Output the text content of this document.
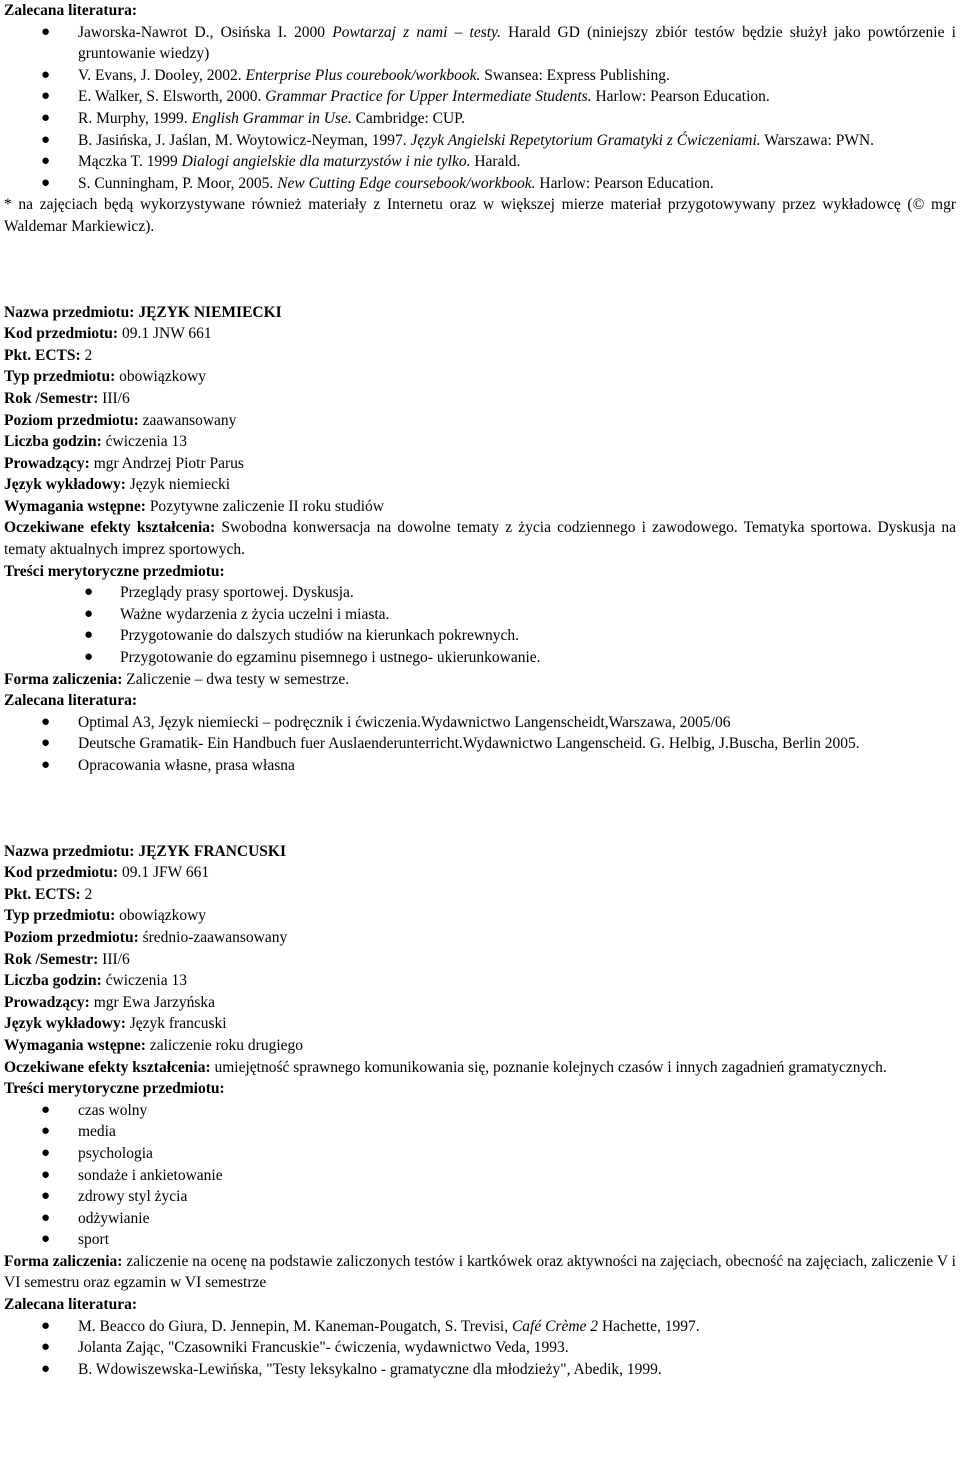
Zalecana literatura:

● Jaworska-Nawrot D., Osińska I. 2000 Powtarzaj z nami – testy. Harald GD (niniejszy zbiór testów będzie służył jako powtórzenie i gruntowanie wiedzy)
● V. Evans, J. Dooley, 2002. Enterprise Plus courebook/workbook. Swansea: Express Publishing.
● E. Walker, S. Elsworth, 2000. Grammar Practice for Upper Intermediate Students. Harlow: Pearson Education.
● R. Murphy, 1999. English Grammar in Use. Cambridge: CUP.
● B. Jasińska, J. Jaślan, M. Woytowicz-Neyman, 1997. Język Angielski Repetytorium Gramatyki z Ćwiczeniami. Warszawa: PWN.
● Mączka T. 1999 Dialogi angielskie dla maturzystów i nie tylko. Harald.
● S. Cunningham, P. Moor, 2005. New Cutting Edge coursebook/workbook. Harlow: Pearson Education.

* na zajęciach będą wykorzystywane również materiały z Internetu oraz w większej mierze materiał przygotowywany przez wykładowcę (© mgr Waldemar Markiewicz).

Nazwa przedmiotu: JĘZYK NIEMIECKI

Kod przedmiotu: 09.1 JNW 661

Pkt. ECTS: 2

Typ przedmiotu: obowiązkowy

Rok /Semestr: III/6

Poziom przedmiotu: zaawansowany

Liczba godzin: ćwiczenia 13

Prowadzący: mgr Andrzej Piotr Parus

Język wykładowy: Język niemiecki

Wymagania wstępne: Pozytywne zaliczenie II roku studiów

Oczekiwane efekty kształcenia: Swobodna konwersacja na dowolne tematy z życia codziennego i zawodowego. Tematyka sportowa. Dyskusja na tematy aktualnych imprez sportowych.

Treści merytoryczne przedmiotu:

● Przeglądy prasy sportowej. Dyskusja.
● Ważne wydarzenia z życia uczelni i miasta.
● Przygotowanie do dalszych studiów na kierunkach pokrewnych.
● Przygotowanie do egzaminu pisemnego i ustnego- ukierunkowanie.

Forma zaliczenia: Zaliczenie – dwa testy w semestrze.

Zalecana literatura:

● Optimal A3, Język niemiecki – podręcznik i ćwiczenia.Wydawnictwo Langenscheidt,Warszawa, 2005/06
● Deutsche Gramatik- Ein Handbuch fuer Auslaenderunterricht.Wydawnictwo Langenscheid. G. Helbig, J.Buscha, Berlin 2005.
● Opracowania własne, prasa własna

Nazwa przedmiotu: JĘZYK FRANCUSKI

Kod przedmiotu: 09.1 JFW 661

Pkt. ECTS: 2

Typ przedmiotu: obowiązkowy

Poziom przedmiotu: średnio-zaawansowany

Rok /Semestr: III/6

Liczba godzin: ćwiczenia 13

Prowadzący: mgr Ewa Jarzyńska

Język wykładowy: Język francuski

Wymagania wstępne: zaliczenie roku drugiego

Oczekiwane efekty kształcenia: umiejętność sprawnego komunikowania się, poznanie kolejnych czasów i innych zagadnień gramatycznych.

Treści merytoryczne przedmiotu:

● czas wolny
● media
● psychologia
● sondaże i ankietowanie
● zdrowy styl życia
● odżywianie
● sport

Forma zaliczenia: zaliczenie na ocenę na podstawie zaliczonych testów i kartkówek oraz aktywności na zajęciach, obecność na zajęciach, zaliczenie V i VI semestru oraz egzamin w VI semestrze

Zalecana literatura:

● M. Beacco do Giura, D. Jennepin, M. Kaneman-Pougatch, S. Trevisi, Café Crème 2 Hachette, 1997.
● Jolanta Zając, "Czasowniki Francuskie"- ćwiczenia, wydawnictwo Veda, 1993.
● B. Wdowiszewska-Lewińska, "Testy leksykalno - gramatyczne dla młodzieży", Abedik, 1999.
